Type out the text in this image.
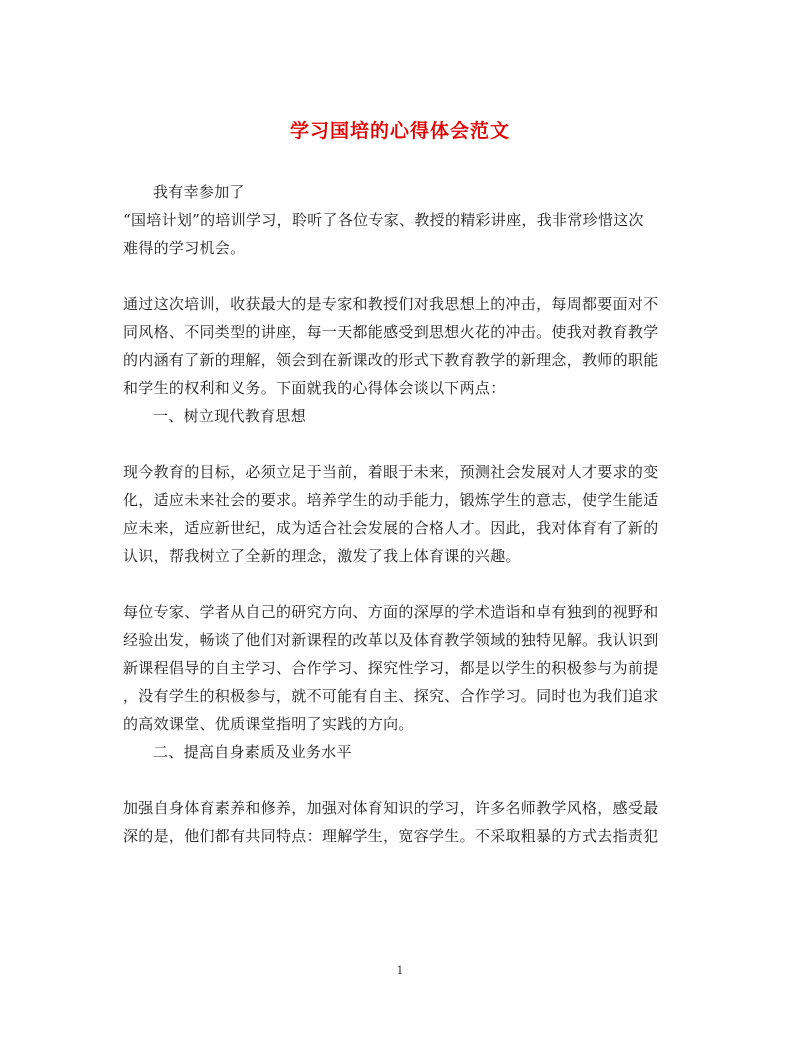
学习国培的心得体会范文
我有幸参加了
“国培计划”的培训学习，聆听了各位专家、教授的精彩讲座，我非常珍惜这次
难得的学习机会。
通过这次培训，收获最大的是专家和教授们对我思想上的冲击，每周都要面对不
同风格、不同类型的讲座，每一天都能感受到思想火花的冲击。使我对教育教学
的内涵有了新的理解，领会到在新课改的形式下教育教学的新理念，教师的职能
和学生的权利和义务。下面就我的心得体会谈以下两点：
一、树立现代教育思想
现今教育的目标，必须立足于当前，着眼于未来，预测社会发展对人才要求的变
化，适应未来社会的要求。培养学生的动手能力，锻炼学生的意志，使学生能适
应未来，适应新世纪，成为适合社会发展的合格人才。因此，我对体育有了新的
认识，帮我树立了全新的理念，激发了我上体育课的兴趣。
每位专家、学者从自己的研究方向、方面的深厚的学术造诣和卓有独到的视野和
经验出发，畅谈了他们对新课程的改革以及体育教学领域的独特见解。我认识到
新课程倡导的自主学习、合作学习、探究性学习，都是以学生的积极参与为前提
，没有学生的积极参与，就不可能有自主、探究、合作学习。同时也为我们追求
的高效课堂、优质课堂指明了实践的方向。
二、提高自身素质及业务水平
加强自身体育素养和修养，加强对体育知识的学习，许多名师教学风格，感受最
深的是，他们都有共同特点：理解学生，宽容学生。不采取粗暴的方式去指责犯
1
